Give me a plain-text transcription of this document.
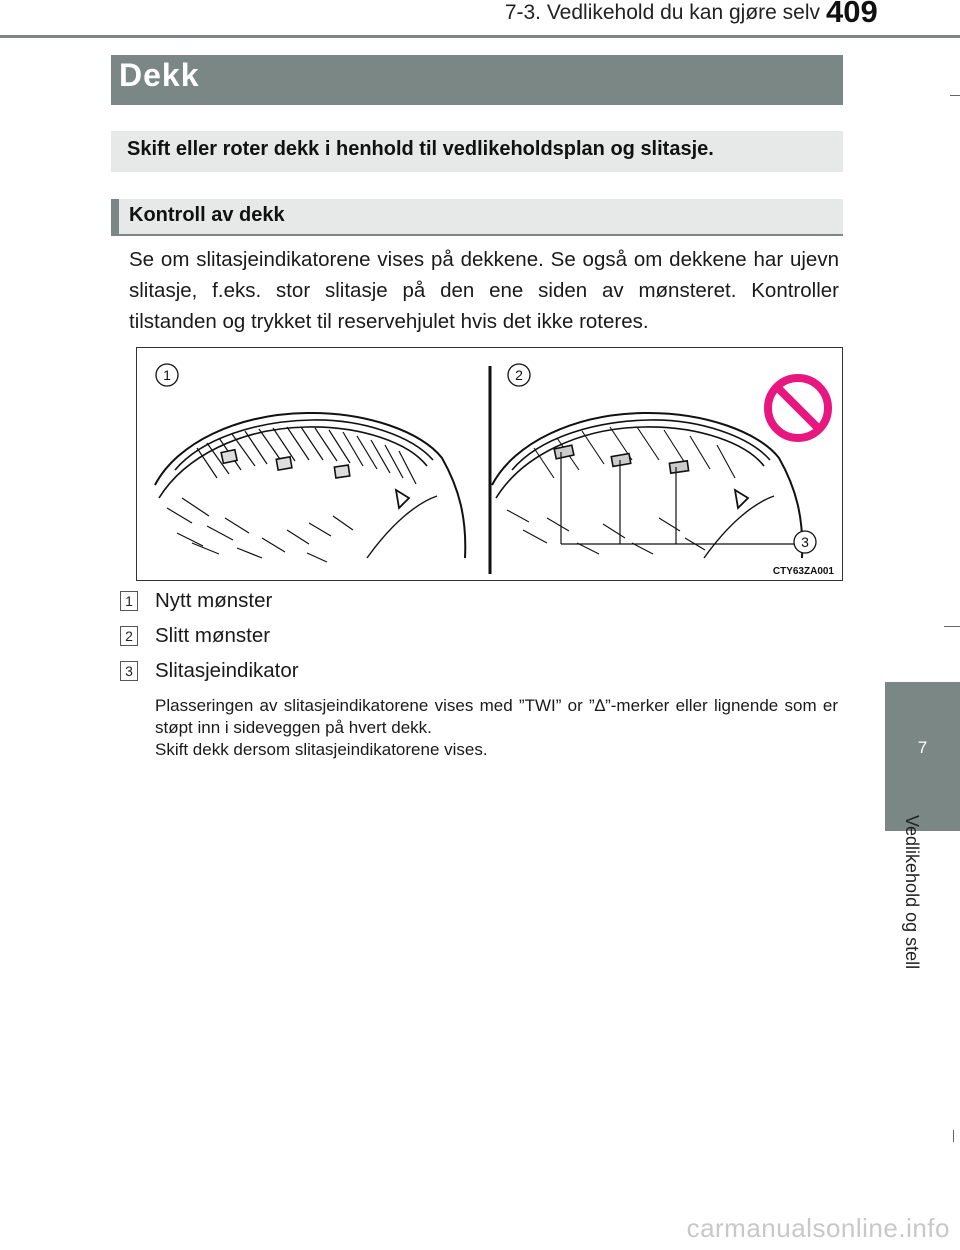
7-3. Vedlikehold du kan gjøre selv 409
7
Vedlikehold og stell
Dekk
Skift eller roter dekk i henhold til vedlikeholdsplan og slitasje.
Kontroll av dekk
Se om slitasjeindikatorene vises på dekkene. Se også om dekkene har ujevn slitasje, f.eks. stor slitasje på den ene siden av mønsteret. Kontroller tilstanden og trykket til reservehjulet hvis det ikke roteres.
1	2
3
CTY63ZA001
1 Nytt mønster
2 Slitt mønster
3 Slitasjeindikator

Plasseringen av slitasjeindikatorene vises med ”TWI” or ”∆”-merker eller lignende som er støpt inn i sideveggen på hvert dekk.

Skift dekk dersom slitasjeindikatorene vises.

carmanualsonline.info
